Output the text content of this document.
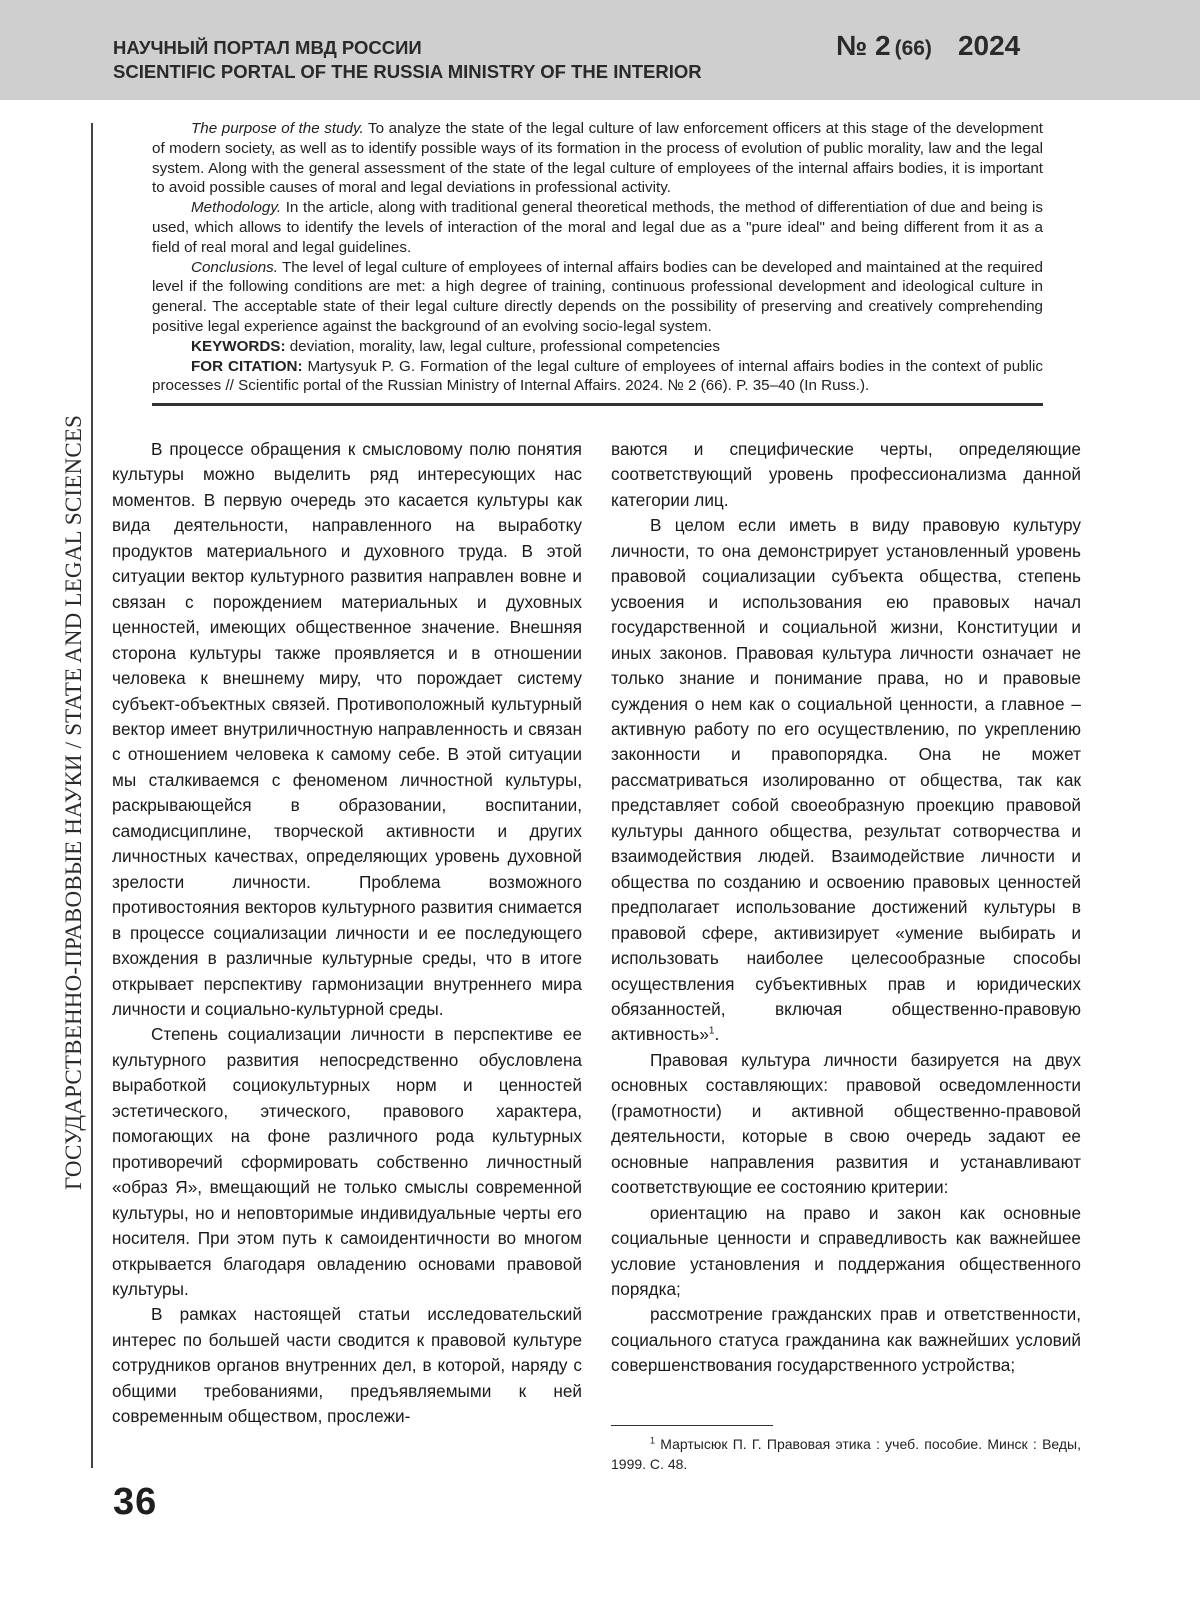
НАУЧНЫЙ ПОРТАЛ МВД РОССИИ
SCIENTIFIC PORTAL OF THE RUSSIA MINISTRY OF THE INTERIOR
№ 2 (66) 2024
ГОСУДАРСТВЕННО-ПРАВОВЫЕ НАУКИ / STATE AND LEGAL SCIENCES

The purpose of the study. To analyze the state of the legal culture of law enforcement officers at this stage of the development of modern society, as well as to identify possible ways of its formation in the process of evolution of public morality, law and the legal system. Along with the general assessment of the state of the legal culture of employees of the internal affairs bodies, it is important to avoid possible causes of moral and legal deviations in professional activity.

Methodology. In the article, along with traditional general theoretical methods, the method of differentiation of due and being is used, which allows to identify the levels of interaction of the moral and legal due as a "pure ideal" and being different from it as a field of real moral and legal guidelines.

Conclusions. The level of legal culture of employees of internal affairs bodies can be developed and maintained at the required level if the following conditions are met: a high degree of training, continuous professional development and ideological culture in general. The acceptable state of their legal culture directly depends on the possibility of preserving and creatively comprehending positive legal experience against the background of an evolving socio-legal system.

KEYWORDS: deviation, morality, law, legal culture, professional competencies

FOR CITATION: Martysyuk P. G. Formation of the legal culture of employees of internal affairs bodies in the context of public processes // Scientific portal of the Russian Ministry of Internal Affairs. 2024. № 2 (66). P. 35–40 (In Russ.).

В процессе обращения к смысловому полю понятия культуры можно выделить ряд интересующих нас моментов. В первую очередь это касается культуры как вида деятельности, направленного на выработку продуктов материального и духовного труда. В этой ситуации вектор культурного развития направлен вовне и связан с порождением материальных и духовных ценностей, имеющих общественное значение. Внешняя сторона культуры также проявляется и в отношении человека к внешнему миру, что порождает систему субъект-объектных связей. Противоположный культурный вектор имеет внутриличностную направленность и связан с отношением человека к самому себе. В этой ситуации мы сталкиваемся с феноменом личностной культуры, раскрывающейся в образовании, воспитании, самодисциплине, творческой активности и других личностных качествах, определяющих уровень духовной зрелости личности. Проблема возможного противостояния векторов культурного развития снимается в процессе социализации личности и ее последующего вхождения в различные культурные среды, что в итоге открывает перспективу гармонизации внутреннего мира личности и социально-культурной среды.

Степень социализации личности в перспективе ее культурного развития непосредственно обусловлена выработкой социокультурных норм и ценностей эстетического, этического, правового характера, помогающих на фоне различного рода культурных противоречий сформировать собственно личностный «образ Я», вмещающий не только смыслы современной культуры, но и неповторимые индивидуальные черты его носителя. При этом путь к самоидентичности во многом открывается благодаря овладению основами правовой культуры.

В рамках настоящей статьи исследовательский интерес по большей части сводится к правовой культуре сотрудников органов внутренних дел, в которой, наряду с общими требованиями, предъявляемыми к ней современным обществом, прослежи-

ваются и специфические черты, определяющие соответствующий уровень профессионализма данной категории лиц.

В целом если иметь в виду правовую культуру личности, то она демонстрирует установленный уровень правовой социализации субъекта общества, степень усвоения и использования ею правовых начал государственной и социальной жизни, Конституции и иных законов. Правовая культура личности означает не только знание и понимание права, но и правовые суждения о нем как о социальной ценности, а главное – активную работу по его осуществлению, по укреплению законности и правопорядка. Она не может рассматриваться изолированно от общества, так как представляет собой своеобразную проекцию правовой культуры данного общества, результат сотворчества и взаимодействия людей. Взаимодействие личности и общества по созданию и освоению правовых ценностей предполагает использование достижений культуры в правовой сфере, активизирует «умение выбирать и использовать наиболее целесообразные способы осуществления субъективных прав и юридических обязанностей, включая общественно-правовую активность»$^1$.

Правовая культура личности базируется на двух основных составляющих: правовой осведомленности (грамотности) и активной общественно-правовой деятельности, которые в свою очередь задают ее основные направления развития и устанавливают соответствующие ее состоянию критерии:

ориентацию на право и закон как основные социальные ценности и справедливость как важнейшее условие установления и поддержания общественного порядка;

рассмотрение гражданских прав и ответственности, социального статуса гражданина как важнейших условий совершенствования государственного устройства;

$^1$ Мартысюк П. Г. Правовая этика : учеб. пособие. Минск : Веды, 1999. С. 48.

36
